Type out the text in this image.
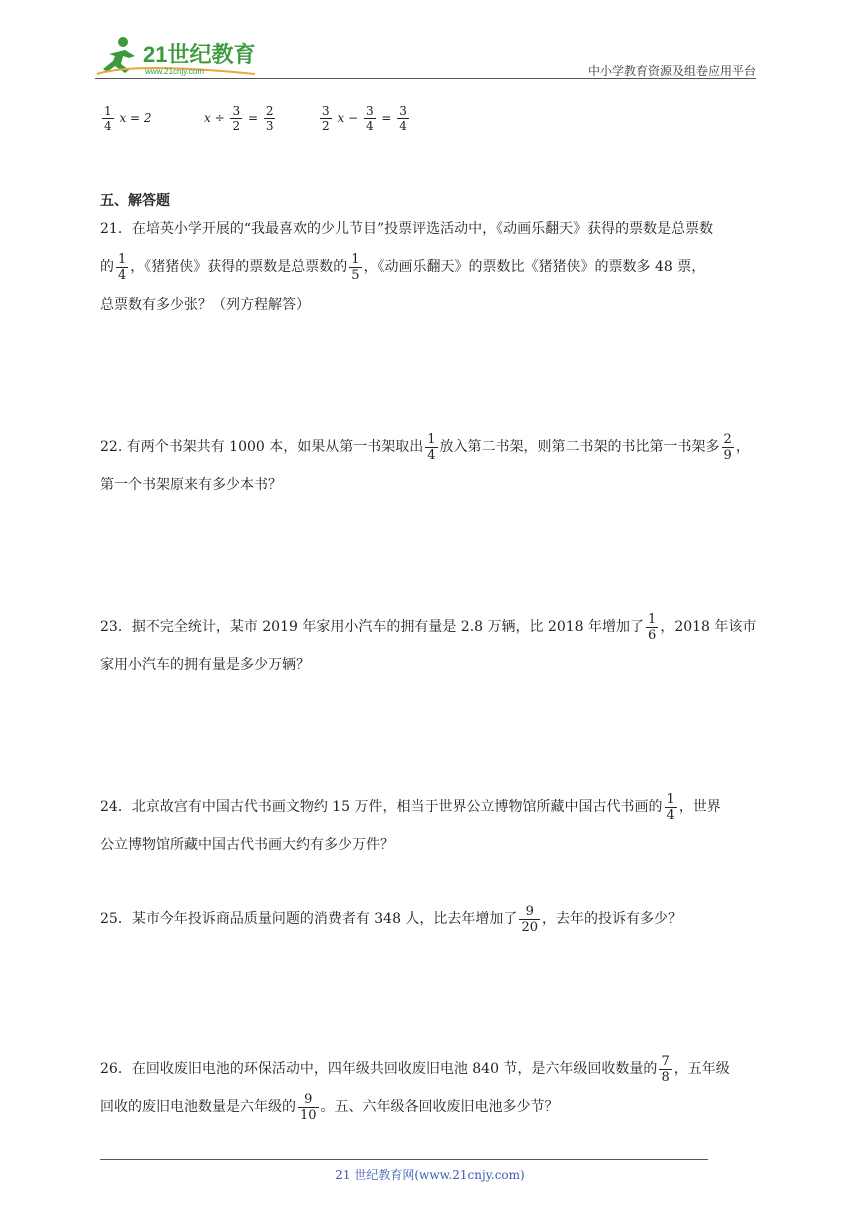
21世纪教育
www.21cnjy.com	中小学教育资源及组卷应用平台
$\frac{1}{4}$ x = 2	$x \div \frac{3}{2} = \frac{2}{3}$	$\frac{3}{2}$ $x - \frac{3}{4} = \frac{3}{4}$
五、解答题
21．在培英小学开展的“我最喜欢的少儿节目”投票评选活动中，《动画乐翻天》获得的票数是总票数
的 $\frac{1}{4}$ ，《猪猪侠》获得的票数是总票数的 $\frac{1}{5}$ ，《动画乐翻天》的票数比《猪猪侠》的票数多 48 票，
总票数有多少张？（列方程解答）
22. 有两个书架共有 1000 本，如果从第一书架取出 $\frac{1}{4}$ 放入第二书架，则第二书架的书比第一书架多 $\frac{2}{9}$ ，
第一个书架原来有多少本书？
23．据不完全统计，某市 2019 年家用小汽车的拥有量是 2.8 万辆，比 2018 年增加了 $\frac{1}{6}$ ，2018 年该市
家用小汽车的拥有量是多少万辆？
24．北京故宫有中国古代书画文物约 15 万件，相当于世界公立博物馆所藏中国古代书画的 $\frac{1}{4}$ ，世界
公立博物馆所藏中国古代书画大约有多少万件？
25．某市今年投诉商品质量问题的消费者有 348 人，比去年增加了 $\frac{9}{20}$ ，去年的投诉有多少？
26．在回收废旧电池的环保活动中，四年级共回收废旧电池 840 节，是六年级回收数量的 $\frac{7}{8}$ ，五年级
回收的废旧电池数量是六年级的 $\frac{9}{10}$ 。五、六年级各回收废旧电池多少节？
21 世纪教育网(www.21cnjy.com)
